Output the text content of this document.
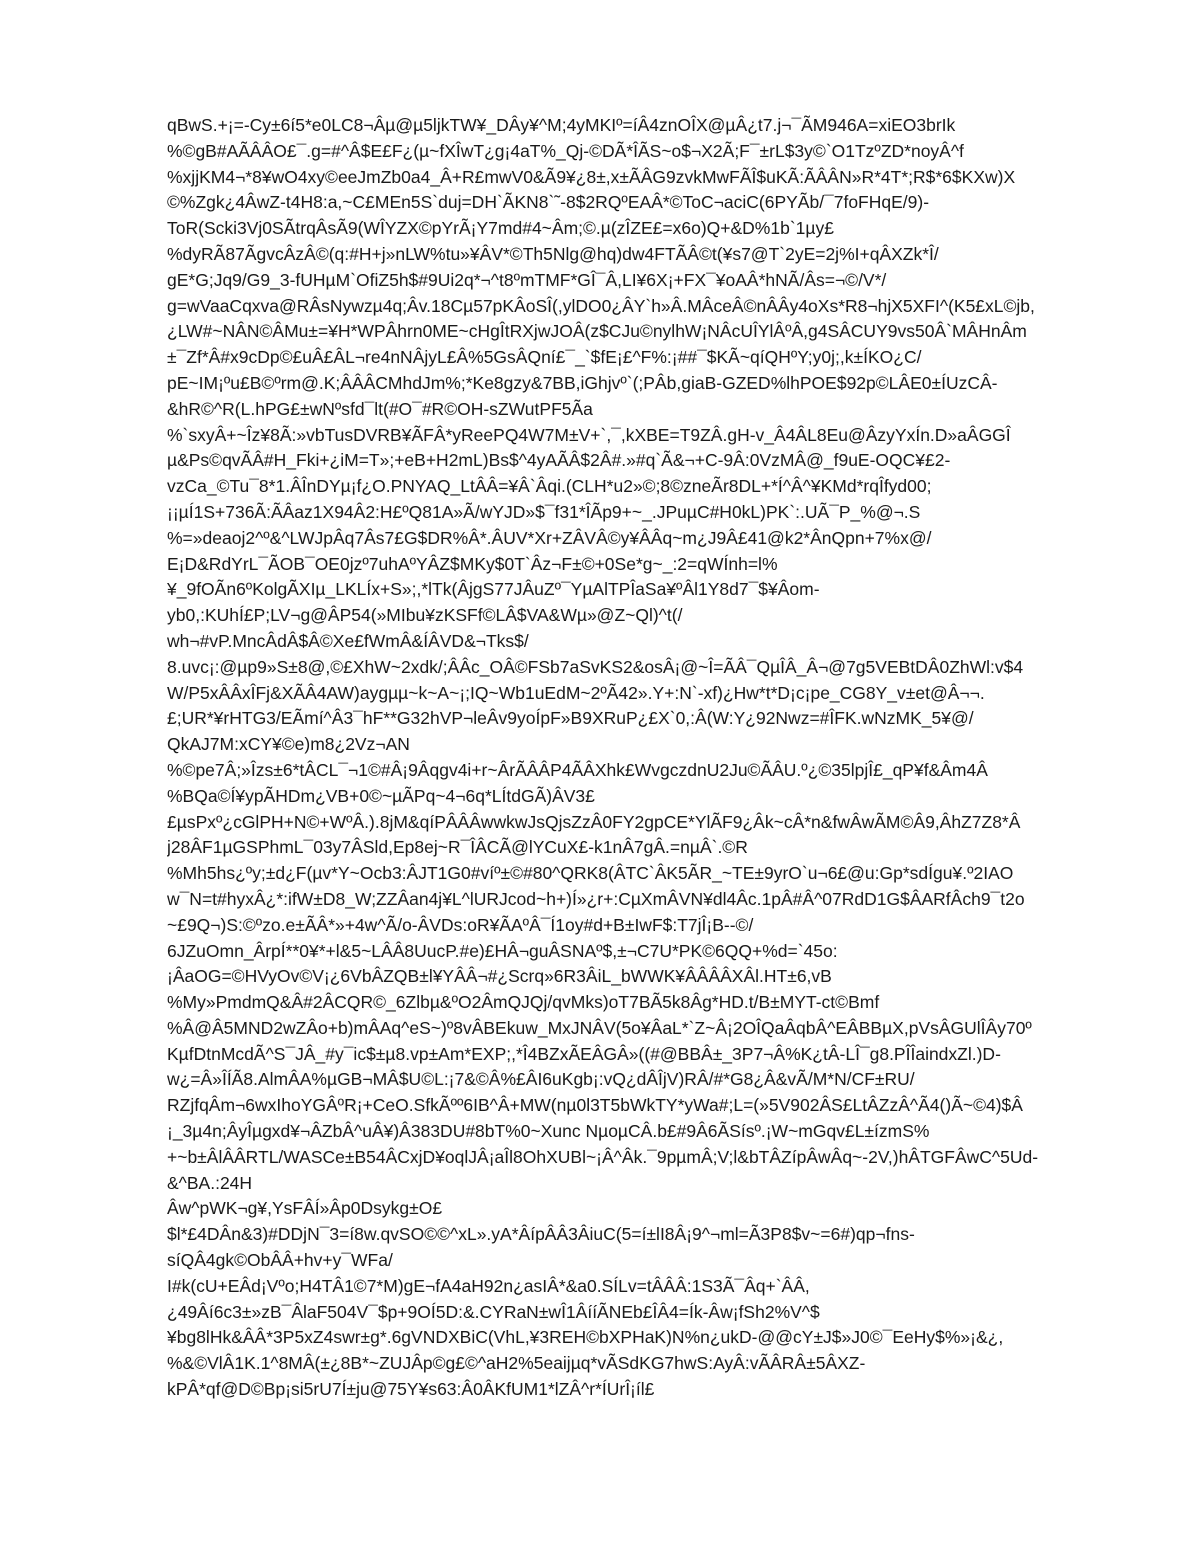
qBwS.+¡=-Cy±6í5*e0LC8¬Âµ@µ5ljkTW¥_DÂy¥^M;4yMKIº=íÂ4znOÎX@µÂ¿t7.j¬¯ÃM946A=xiEO3brIk
%©gB#AÃÂÂO£¯.g=#^Â$E£F¿(µ~fXÎwT¿g¡4aT%_Qj-©DÃ*ÎÃS~o$¬X2Ã;F¯±rL$3y©`O1TzºZD*noyÂ^f
%xjjKM4¬*8¥wO4xy©eeJmZb0a4_Â+R£mwV0&Ã9¥¿8±,x±ÃÂG9zvkMwFÃÎ$uKÃ:ÃÂÂN»R*4T*;R$*6$KXw)X
©%Zgk¿4ÂwZ-t4H8:a,~C£MEn5S`duj=DH`ÃKN8`˜-8$2RQºEAÂ*©ToC¬aciC(6PYÃb/¯7foFHqE/9)-
ToR(Scki3Vj0SÃtrqÂsÃ9(WÎYZX©pYrÃ¡Y7md#4~Âm;©.µ(zÎZE£=x6o)Q+&D%1b`1µy£
%dyRÃ87ÃgvcÂzÂ©(q:#H+j»nLW%tu»¥ÂV*©Th5Nlg@hq)dw4FTÃÂ©t(¥s7@T`2yE=2j%I+qÂXZk*Î/
gE*G;Jq9/G9_3-fUHµM`OfiZ5h$#9Ui2q*¬^t8ºmTMF*GÎ¯Â,LI¥6X¡+FX¯¥oAÂ*hNÃ/Âs=¬©/V*/
g=wVaaCqxva@RÂsNywzµ4q;Âv.18Cµ57pKÂoSÎ(,ylDO0¿ÂY`h»Â.MÂceÂ©nÂÂy4oXs*R8¬hjX5XFI^(K5£xL©jb,
¿LW#~NÂN©ÂMu±=¥H*WPÂhrn0ME~cHgÎtRXjwJOÂ(z$CJu©nylhW¡NÂcUÎYlÂºÂ,g4SÂCUY9vs50Â`MÂHnÂm
±¯Zf*Â#x9cDp©£uÂ£ÂL¬re4nNÂjyL£Â%5GsÂQní£¯_`$fE¡£^F%:¡##¯$KÃ~qíQHºY;y0j;,k±ÍKO¿C/
pE~IM¡ºu£B©ºrm@.K;ÂÂÂCMhdJm%;*Ke8gzy&7BB,iGhjvº`(;PÂb,giaB-GZED%lhPOE$92p©LÂE0±ÍUzCÂ-
&hR©^R(L.hPG£±wNºsfd¯lt(#O¯#R©OH-sZWutPF5Ãa
%`sxyÂ+~Îz¥8Ã:»vbTusDVRB¥ÃFÂ*yReePQ4W7M±V+`,¯,kXBE=T9ZÂ.gH-v_Â4ÂL8Eu@ÂzyYxÍn.D»aÂGGÎ
µ&Ps©qvÃÂ#H_Fki+¿iM=T»;+eB+H2mL)Bs$^4yAÃÂ$2Â#.»#q`Ã&¬+C-9Â:0VzMÂ@_f9uE-OQC¥£2-
vzCa_©Tu¯8*1.ÂÎnDYµ¡f¿O.PNYAQ_LtÂÂ=¥Â`Âqi.(CLH*u2»©;8©zneÃr8DL+*Í^Â^¥KMd*rqÎfyd00;
¡¡µÍ1S+736Ã:ÃÂaz1X94Â2:H£ºQ81A»Ã/wYJD»$¯f31*ÎÃp9+~_.JPuµC#H0kL)PK`:.UÃ¯P_%@¬.S
%=»deaoj2^º&^LWJpÂq7Âs7£G$DR%Â*.ÂUV*Xr+ZÂVÂ©y¥ÂÂq~m¿J9Â£41@k2*ÂnQpn+7%x@/
E¡D&RdYrL¯ÃOB¯OE0jzº7uhAºYÂZ$MKy$0T`Âz¬F±©+0Se*g~_:2=qWÍnh=l%
¥_9fOÃn6ºKolgÃXIµ_LKLÍx+S»;,*lTk(ÂjgS77JÂuZº¯YµAlTPÎaSa¥ºÂl1Y8d7¯$¥Âom-
yb0,:KUhÍ£P;LV¬g@ÂP54(»MIbu¥zKSFf©LÂ$VA&Wµ»@Z~Ql)^t(/
wh¬#vP.MncÂdÂ$Â©Xe£fWmÂ&ÍÂVD&¬Tks$/
8.uvc¡:@µp9»S±8@,©£XhW~2xdk/;ÂÂc_OÂ©FSb7aSvKS2&osÂ¡@~Î=ÃÂ¯QµÎÂ_Â¬@7g5VEBtDÂ0ZhWl:v$4
W/P5xÂÂxÎFj&XÃÂ4AW)aygµµ~k~A~¡;IQ~Wb1uEdM~2ºÃ42».Y+:N`-xf)¿Hw*t*D¡c¡pe_CG8Y_v±et@Â¬¬.
£;UR*¥rHTG3/EÃmí^Â3¯hF**G32hVP¬leÂv9yoÍpF»B9XRuP¿£X`0,:Â(W:Y¿92Nwz=#ÎFK.wNzMK_5¥@/
QkAJ7M:xCY¥©e)m8¿2Vz¬AN
%©pe7Â;»Îzs±6*tÂCL¯¬1©#Â¡9Âqgv4i+r~ÂrÃÂÂP4ÃÂXhk£WvgczdnU2Ju©ÃÂU.º¿©35lpjÎ£_qP¥f&Âm4Â
%BQa©Í¥ypÃHDm¿VB+0©~µÃPq~4¬6q*LÍtdGÃ)ÂV3£
£µsPxº¿cGlPH+N©+WºÂ.).8jM&qíPÂÂÂwwkwJsQjsZzÂ0FY2gpCE*YlÃF9¿Âk~cÂ*n&fwÂwÃM©Â9,ÂhZ7Z8*Â
j28ÂF1µGSPhmL¯03y7ÂSld,Ep8ej~R¯ÎÂCÃ@lYCuX£-k1nÂ7gÂ.=nµÂ`.©R
%Mh5hs¿ºy;±d¿F(µv*Y~Ocb3:ÂJT1G0#víº±©#80^QRK8(ÂTC`ÂK5ÃR_~TE±9yrO`u¬6£@u:Gp*sdÍgu¥.º2IAO
w¯N=t#hyxÂ¿*:ifW±D8_W;ZZÂan4j¥L^lURJcod~h+)Í»¿r+:CµXmÂVN¥dl4Âc.1pÂ#Â^07RdD1G$ÂARfÂch9¯t2o
~£9Q¬)S:©ºzo.e±ÃÂ*»+4w^Ã/o-ÂVDs:oR¥ÃAºÂ¯Í1oy#d+B±IwF$:T7jÎ¡B--©/
6JZuOmn_ÂrpÍ**0¥*+l&5~LÂÂ8UucP.#e)£HÂ¬guÂSNAº$,±¬C7U*PK©6QQ+%d=`45o:
¡ÂaOG=©HVyOv©V¡¿6VbÂZQB±l¥YÂÂ¬#¿Scrq»6R3ÂiL_bWWK¥ÂÂÂÂXÂl.HT±6,vB
%My»PmdmQ&Â#2ÂCQR©_6Zlbµ&ºO2ÂmQJQj/qvMks)oT7BÃ5k8Âg*HD.t/B±MYT-ct©Bmf
%Â@Â5MND2wZÂo+b)mÂAq^eS~)º8vÂBEkuw_MxJNÂV(5o¥ÂaL*`Z~Â¡2OÎQaÂqbÂ^EÂBBµX,pVsÂGUlÎÂy70º
KµfDtnMcdÃ^S¯JÂ_#y¯ic$±µ8.vp±Am*EXP;,*Î4BZxÃEÂGÂ»((#@BBÂ±_3P7¬Â%K¿tÂ-LÎ¯g8.PÎÎaindxZl.)D-
w¿=Â»ÎÍÃ8.AlmÂA%µGB¬MÂ$U©L:¡7&©Â%£ÂI6uKgb¡:vQ¿dÂÎjV)RÂ/#*G8¿Â&vÃ/M*N/CF±RU/
RZjfqÂm¬6wxIhoYGÂºR¡+CeO.SfkÃºº6IB^Â+MW(nµ0l3T5bWkTY*yWa#;L=(»5V902ÂS£LtÂZzÂ^Ã4()Ã~©4)$Â
¡_3µ4n;ÂyÎµgxd¥¬ÂZbÂ^uÂ¥)Â383DU#8bT%0~Xunc NµoµCÂ.b£#9Â6ÃSísº.¡W~mGqv£L±ízmS%
+~b±ÂlÂÂRTL/WASCe±B54ÂCxjD¥oqlJÂ¡aÎl8OhXUBl~¡Â^Âk.¯9pµmÂ;V;l&bTÂZípÂwÂq~-2V,)hÂTGFÂwC^5Ud-
&^BA.:24H
Âw^pWK¬g¥,YsFÂÍ»Âp0Dsykg±O£
$l*£4DÂn&3)#DDjN¯3=í8w.qvSO©©^xL».yA*ÂípÂÂ3ÂiuC(5=í±lI8Â¡9^¬ml=Ã3P8$v~=6#)qp¬fns-
síQÂ4gk©ObÂÂ+hv+y¯WFa/
I#k(cU+EÂd¡Vºo;H4TÂ1©7*M)gE¬fA4aH92n¿asIÂ*&a0.SÍLv=tÂÂÂ:1S3Ã¯Âq+`ÂÂ,
¿49Âí6c3±»zB¯ÂlaF504V¯$p+9OÍ5D:&.CYRaN±wÎ1ÂííÃNEb£ÎÂ4=Ík-Âw¡fSh2%V^$
¥bg8lHk&ÂÂ*3P5xZ4swr±g*.6gVNDXBiC(VhL,¥3REH©bXPHaK)N%n¿ukD-@@cY±J$»J0©¯EeHy$%»¡&¿,
%&©VlÂ1K.1^8MÂ(±¿8B*~ZUJÂp©g£©^aH2%5eaijµq*vÃSdKG7hwS:AyÂ:vÃÂRÂ±5ÂXZ-
kPÂ*qf@D©Bp¡si5rU7Í±ju@75Y¥s63:Â0ÂKfUM1*lZÂ^r*ÍUrÎ¡íl£
